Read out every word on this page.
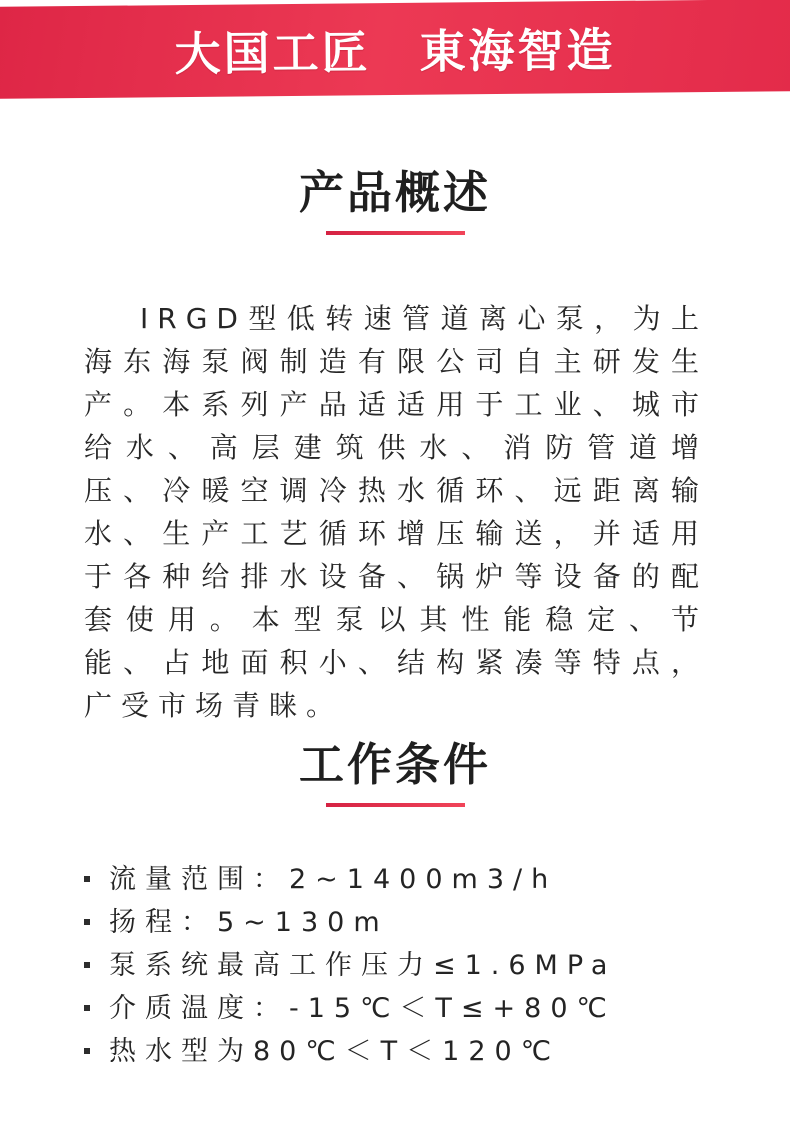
大国工匠　東海智造
产品概述

IRGD型低转速管道离心泵，为上海东海泵阀制造有限公司自主研发生产。本系列产品适适用于工业、城市给水、高层建筑供水、消防管道增压、冷暖空调冷热水循环、远距离输水、生产工艺循环增压输送，并适用于各种给排水设备、锅炉等设备的配套使用。本型泵以其性能稳定、节能、占地面积小、结构紧凑等特点，广受市场青睐。

工作条件
流量范围：2~1400m3/h
扬程：5~130m
泵系统最高工作压力≤1.6MPa
介质温度：-15℃＜T≤+80℃
热水型为80℃＜T＜120℃
